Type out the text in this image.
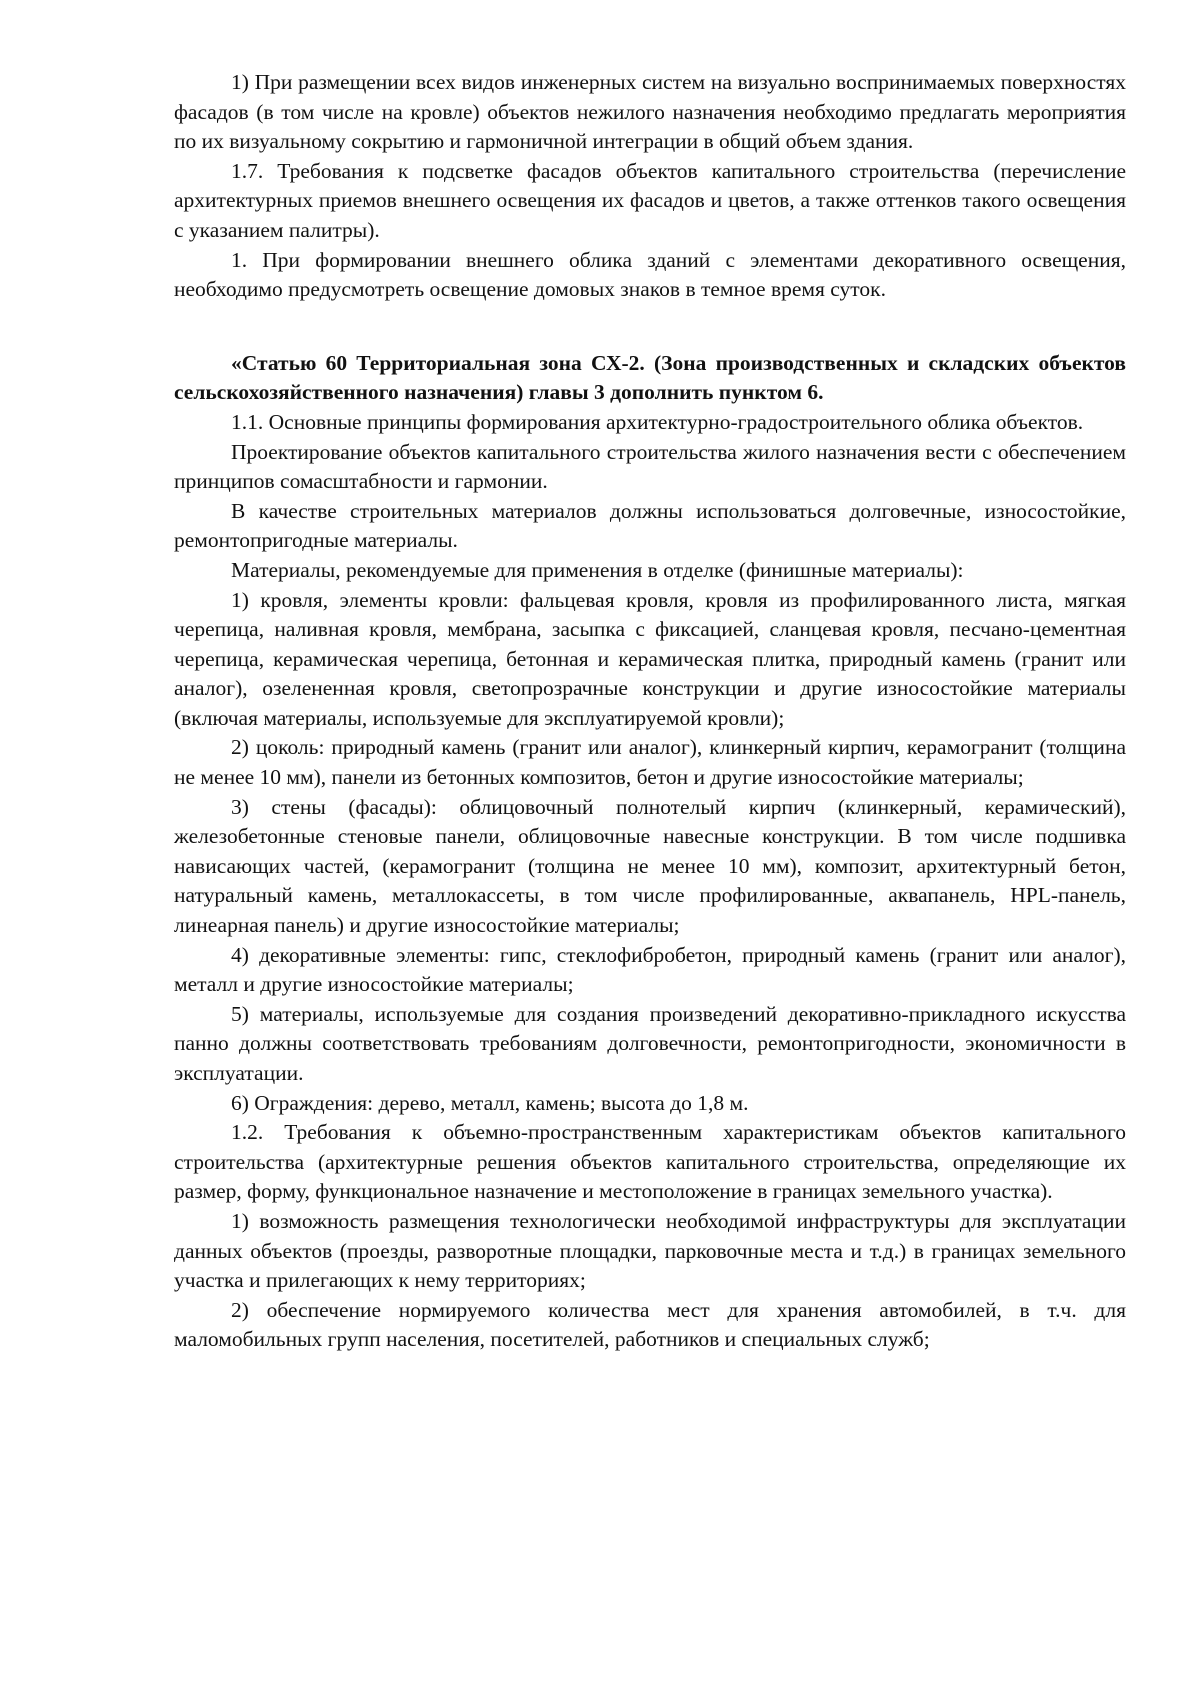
1) При размещении всех видов инженерных систем на визуально воспринимаемых поверхностях фасадов (в том числе на кровле) объектов нежилого назначения необходимо предлагать мероприятия по их визуальному сокрытию и гармоничной интеграции в общий объем здания.

1.7. Требования к подсветке фасадов объектов капитального строительства (перечисление архитектурных приемов внешнего освещения их фасадов и цветов, а также оттенков такого освещения с указанием палитры).

1. При формировании внешнего облика зданий с элементами декоративного освещения, необходимо предусмотреть освещение домовых знаков в темное время суток.

«Статью 60 Территориальная зона СХ-2. (Зона производственных и складских объектов сельскохозяйственного назначения) главы 3 дополнить пунктом 6.

1.1. Основные принципы формирования архитектурно-градостроительного облика объектов.

Проектирование объектов капитального строительства жилого назначения вести с обеспечением принципов сомасштабности и гармонии.

В качестве строительных материалов должны использоваться долговечные, износостойкие, ремонтопригодные материалы.

Материалы, рекомендуемые для применения в отделке (финишные материалы):

1) кровля, элементы кровли: фальцевая кровля, кровля из профилированного листа, мягкая черепица, наливная кровля, мембрана, засыпка с фиксацией, сланцевая кровля, песчано-цементная черепица, керамическая черепица, бетонная и керамическая плитка, природный камень (гранит или аналог), озелененная кровля, светопрозрачные конструкции и другие износостойкие материалы (включая материалы, используемые для эксплуатируемой кровли);

2) цоколь: природный камень (гранит или аналог), клинкерный кирпич, керамогранит (толщина не менее 10 мм), панели из бетонных композитов, бетон и другие износостойкие материалы;

3) стены (фасады): облицовочный полнотелый кирпич (клинкерный, керамический), железобетонные стеновые панели, облицовочные навесные конструкции. В том числе подшивка нависающих частей, (керамогранит (толщина не менее 10 мм), композит, архитектурный бетон, натуральный камень, металлокассеты, в том числе профилированные, аквапанель, HPL-панель, линеарная панель) и другие износостойкие материалы;

4) декоративные элементы: гипс, стеклофибробетон, природный камень (гранит или аналог), металл и другие износостойкие материалы;

5) материалы, используемые для создания произведений декоративно-прикладного искусства панно должны соответствовать требованиям долговечности, ремонтопригодности, экономичности в эксплуатации.

6) Ограждения: дерево, металл, камень; высота до 1,8 м.

1.2. Требования к объемно-пространственным характеристикам объектов капитального строительства (архитектурные решения объектов капитального строительства, определяющие их размер, форму, функциональное назначение и местоположение в границах земельного участка).

1) возможность размещения технологически необходимой инфраструктуры для эксплуатации данных объектов (проезды, разворотные площадки, парковочные места и т.д.) в границах земельного участка и прилегающих к нему территориях;

2) обеспечение нормируемого количества мест для хранения автомобилей, в т.ч. для маломобильных групп населения, посетителей, работников и специальных служб;
